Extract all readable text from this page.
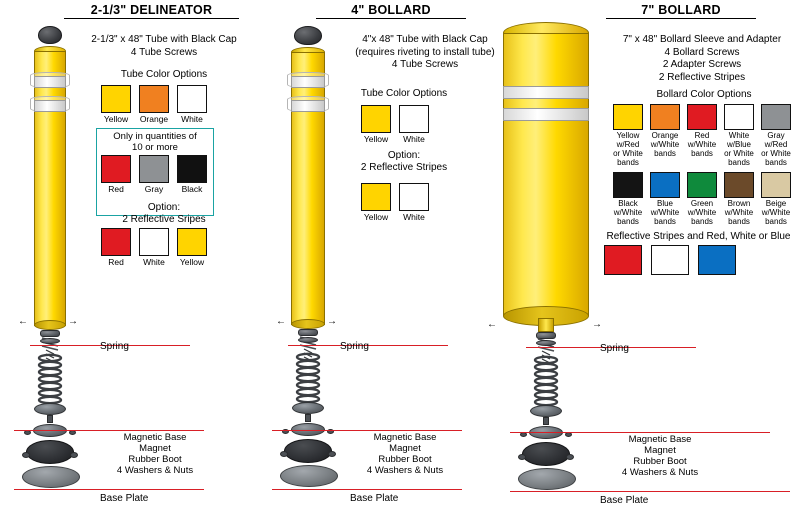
2-1/3" DELINEATOR	4" BOLLARD	7" BOLLARD
2-1/3" x 48" Tube with Black Cap
4 Tube Screws
Tube Color Options
Yellow	Orange	White
Only in quantities of
10 or more
Red	Gray	Black
Option:
2 Reflective Sripes
Red	White	Yellow
4"x 48" Tube with Black Cap
(requires riveting to install tube)
4 Tube Screws
Tube Color Options
Yellow	White
Option:
2 Reflective Stripes
Yellow	White
7" x 48" Bollard Sleeve and Adapter
4 Bollard Screws
2 Adapter Screws
2 Reflective Stripes
Bollard Color Options
Yellow
w/Red
or White
bands
Orange
w/White
bands
Red
w/White
bands
White
w/Blue
or White
bands
Gray
w/Red
or White
bands
Black
w/White
bands
Blue
w/White
bands
Green
w/White
bands
Brown
w/White
bands
Beige
w/White
bands
Reflective Stripes and Red, White or Blue
←	→
Spring
Magnetic Base
Magnet
Rubber Boot
4 Washers & Nuts
Base Plate
←	→
Spring
Magnetic Base
Magnet
Rubber Boot
4 Washers & Nuts
Base Plate
←	→
Spring
Magnetic Base
Magnet
Rubber Boot
4 Washers & Nuts
Base Plate
